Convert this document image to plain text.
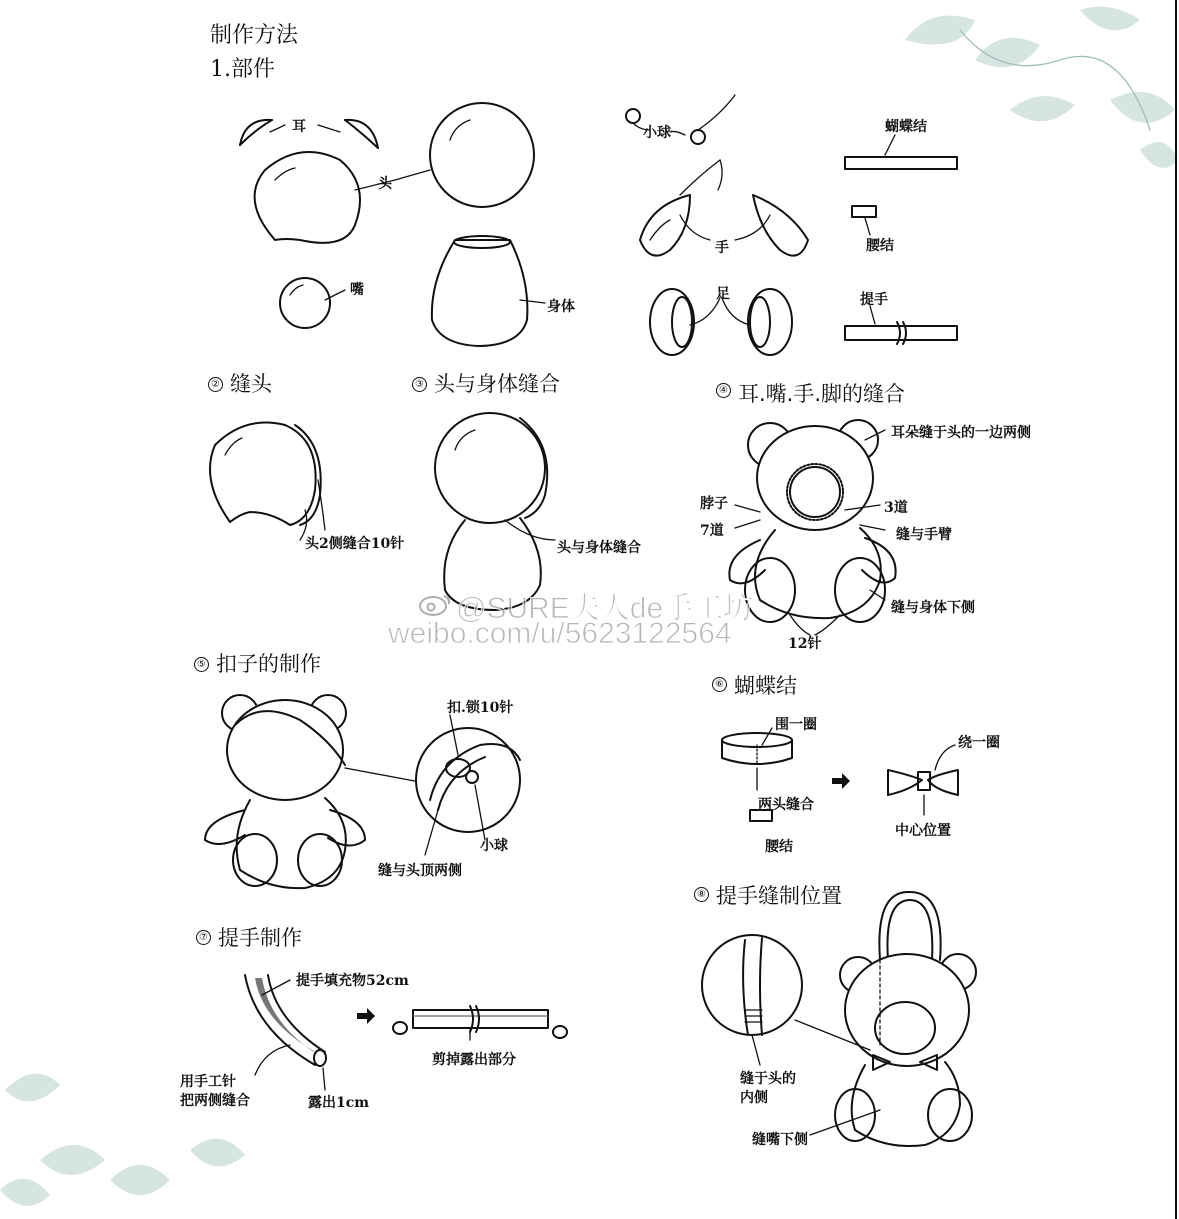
制作方法
1.部件
耳
头
嘴
身体
小球	蝴蝶结
手	腰结
足	提手
② 缝头
头2侧缝合10针
③ 头与身体缝合
头与身体缝合
④ 耳.嘴.手.脚的缝合
耳朵缝于头的一边两侧
脖子
7道
3道
缝与手臂
缝与身体下侧
12针
⑤ 扣子的制作
扣.锁10针
小球
缝与头顶两侧
⑥ 蝴蝶结
围一圈
绕一圈
两头缝合
中心位置
腰结
⑦ 提手制作
提手填充物52cm
用手工针
把两侧缝合	露出1cm
剪掉露出部分
⑧ 提手缝制位置
缝于头的
内侧
缝嘴下侧
@SURE夫人de手工坊
weibo.com/u/5623122564
